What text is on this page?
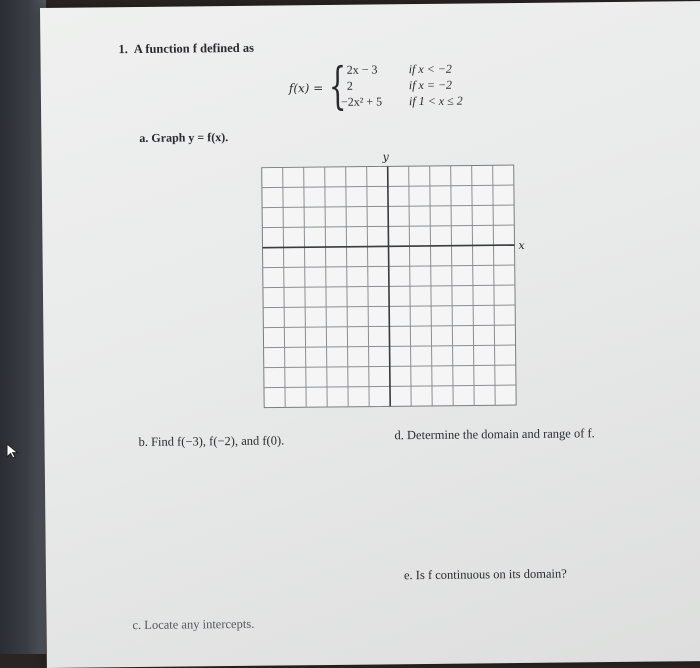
1. A function f defined as
f(x) = { 2x − 3	if x < −2
2	if x = −2
−2x² + 5 if 1 < x ≤ 2
a. Graph y = f(x).
y
x
b. Find f(−3), f(−2), and f(0).	d. Determine the domain and range of f.
e. Is f continuous on its domain?
c. Locate any intercepts.
